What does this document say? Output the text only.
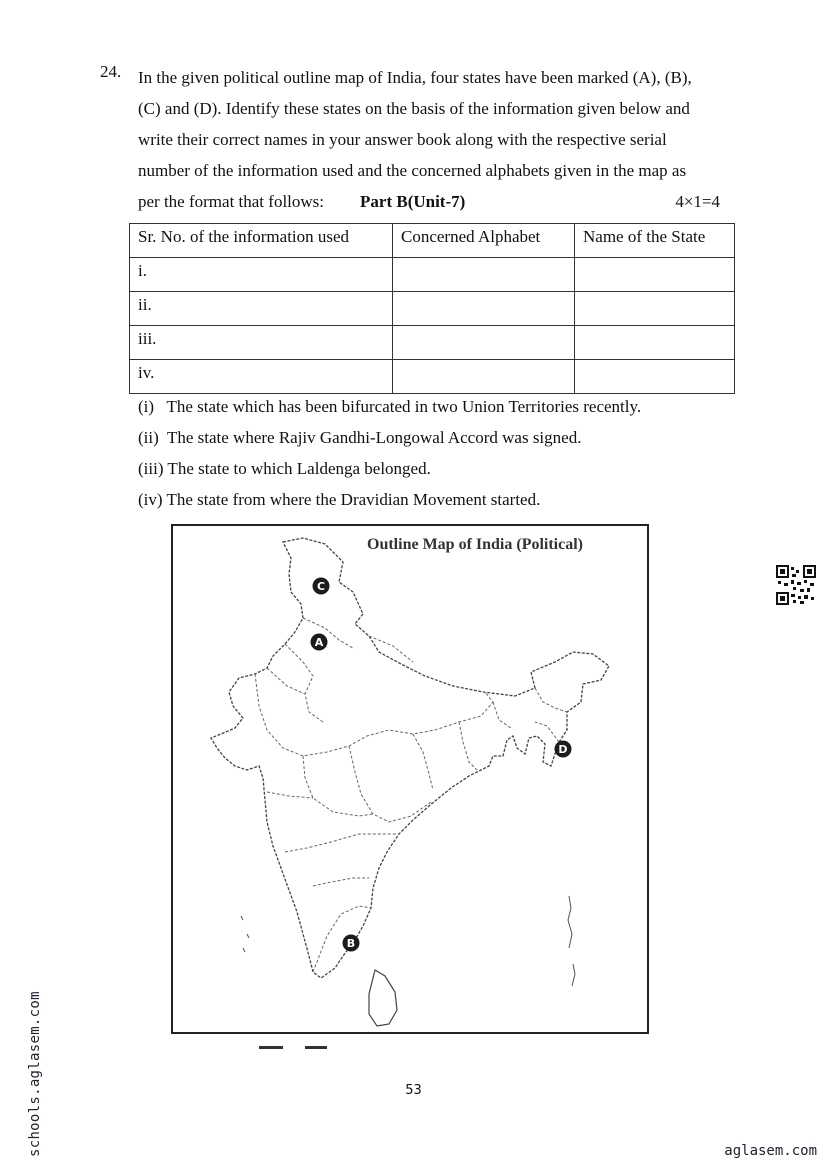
24. In the given political outline map of India, four states have been marked (A), (B),
(C) and (D). Identify these states on the basis of the information given below and
write their correct names in your answer book along with the respective serial
number of the information used and the concerned alphabets given in the map as
per the format that follows: Part B(Unit-7)	4×1=4
Sr. No. of the information used	Concerned Alphabet	Name of the State
i.		
ii.		
iii.		
iv.		
(i)   The state which has been bifurcated in two Union Territories recently.
(ii)  The state where Rajiv Gandhi-Longowal Accord was signed.
(iii) The state to which Laldenga belonged.
(iv) The state from where the Dravidian Movement started.
Outline Map of India (Political)
C
A
D
B
53
schools.aglasem.com	aglasem.com
